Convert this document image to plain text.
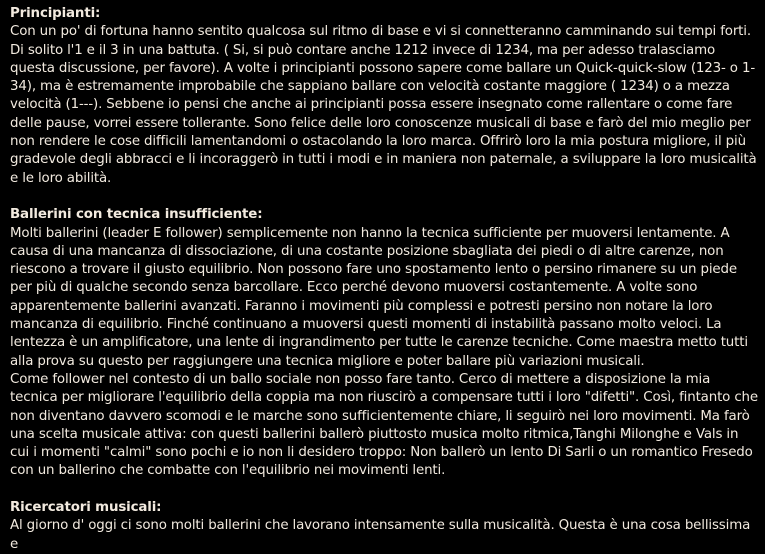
Principianti:

Con un po' di fortuna hanno sentito qualcosa sul ritmo di base e vi si connetteranno camminando sui tempi forti. Di solito l'1 e il 3 in una battuta. ( Si, si può contare anche 1212 invece di 1234, ma per adesso tralasciamo questa discussione, per favore). A volte i principianti possono sapere come ballare un Quick-quick-slow (123- o 1-34), ma è estremamente improbabile che sappiano ballare con velocità costante maggiore ( 1234) o a mezza velocità (1---). Sebbene io pensi che anche ai principianti possa essere insegnato come rallentare o come fare delle pause, vorrei essere tollerante. Sono felice delle loro conoscenze musicali di base e farò del mio meglio per non rendere le cose difficili lamentandomi o ostacolando la loro marca. Offrirò loro la mia postura migliore, il più gradevole degli abbracci e li incoraggerò in tutti i modi e in maniera non paternale, a sviluppare la loro musicalità e le loro abilità.

Ballerini con tecnica insufficiente:

Molti ballerini (leader E follower) semplicemente non hanno la tecnica sufficiente per muoversi lentamente. A causa di una mancanza di dissociazione, di una costante posizione sbagliata dei piedi o di altre carenze, non riescono a trovare il giusto equilibrio. Non possono fare uno spostamento lento o persino rimanere su un piede per più di qualche secondo senza barcollare. Ecco perché devono muoversi costantemente. A volte sono apparentemente ballerini avanzati. Faranno i movimenti più complessi e potresti persino non notare la loro mancanza di equilibrio. Finché continuano a muoversi questi momenti di instabilità passano molto veloci. La lentezza è un amplificatore, una lente di ingrandimento per tutte le carenze tecniche. Come maestra metto tutti alla prova su questo per raggiungere una tecnica migliore e poter ballare più variazioni musicali.

Come follower nel contesto di un ballo sociale non posso fare tanto. Cerco di mettere a disposizione la mia tecnica per migliorare l'equilibrio della coppia ma non riuscirò a compensare tutti i loro "difetti". Così, fintanto che non diventano davvero scomodi e le marche sono sufficientemente chiare, li seguirò nei loro movimenti. Ma farò una scelta musicale attiva: con questi ballerini ballerò piuttosto musica molto ritmica,Tanghi Milonghe e Vals in cui i momenti "calmi" sono pochi e io non li desidero troppo: Non ballerò un lento Di Sarli o un romantico Fresedo con un ballerino che combatte con l'equilibrio nei movimenti lenti.

Ricercatori musicali:

Al giorno d' oggi ci sono molti ballerini che lavorano intensamente sulla musicalità. Questa è una cosa bellissima e
